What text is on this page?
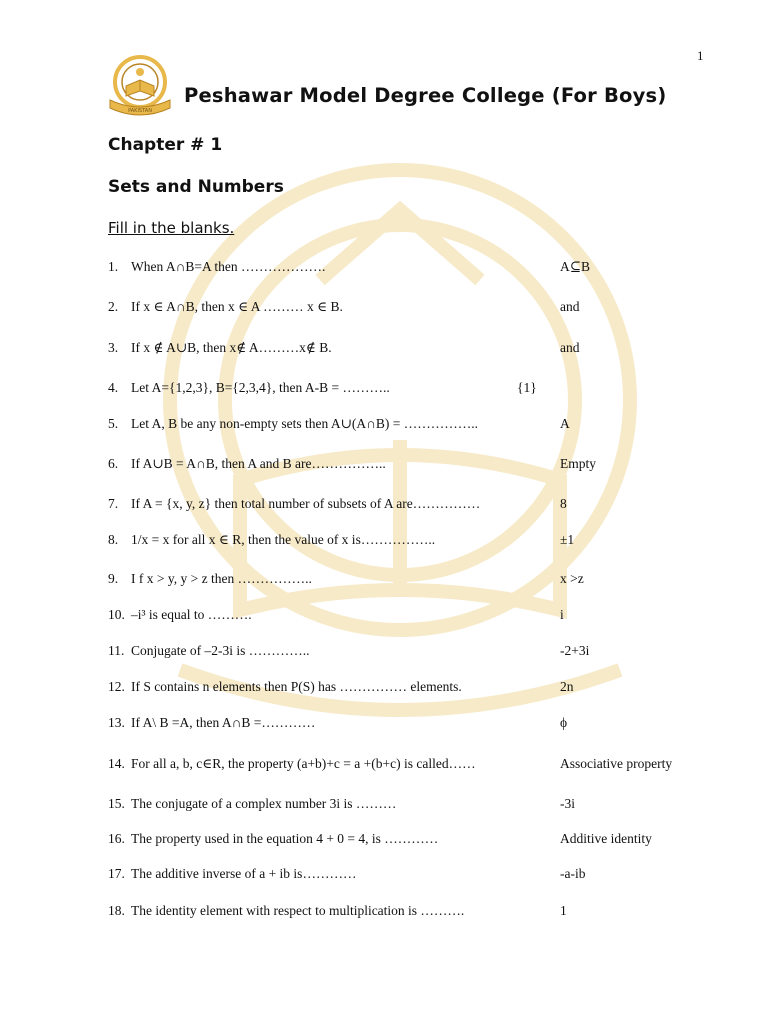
1
PAKISTAN
Peshawar Model Degree College (For Boys)
Chapter # 1
Sets and Numbers
Fill in the blanks.
1. When A∩B=A then ……………….	A⊆B
2. If x ∈ A∩B, then x ∈ A ……… x ∈ B.	and
3. If x ∉ A∪B, then x∉ A………x∉ B.	and
4. Let A={1,2,3}, B={2,3,4}, then A-B = ………..	{1}
5. Let A, B be any non-empty sets then A∪(A∩B) = ……………..	A
6. If A∪B = A∩B, then A and B are……………..	Empty
7. If A = {x, y, z} then total number of subsets of A are……………	8
8. 1/x = x for all x ∈ R, then the value of x is……………..	±1
9. I f x > y, y > z then ……………..	x >z
10. –i³ is equal to ……….	i
11. Conjugate of –2-3i is …………..	-2+3i
12. If S contains n elements then P(S) has …………… elements.	2n
13. If A\ B =A, then A∩B =…………	ϕ
14. For all a, b, c∈R, the property (a+b)+c = a +(b+c) is called……	Associative property
15. The conjugate of a complex number 3i is ………	-3i
16. The property used in the equation 4 + 0 = 4, is …………	Additive identity
17. The additive inverse of a + ib is…………	-a-ib
18. The identity element with respect to multiplication is ……….	1
